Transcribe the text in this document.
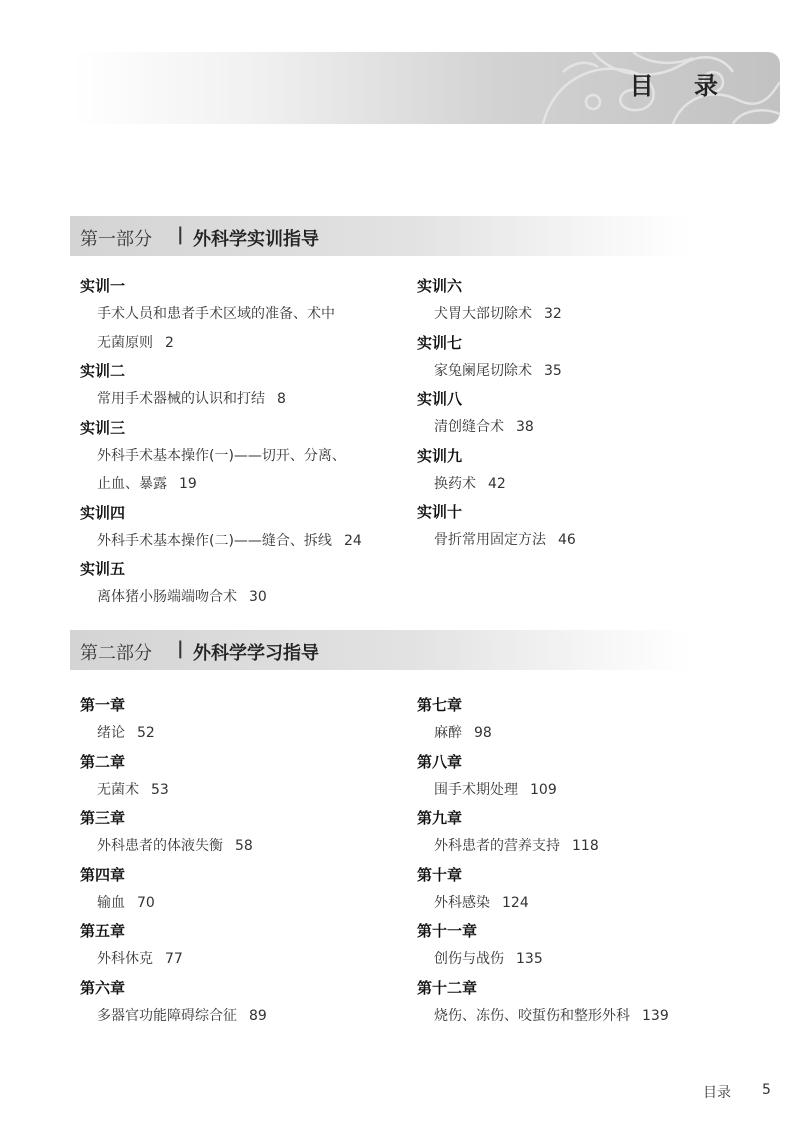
目 录
第一部分 | 外科学实训指导
实训一
手术人员和患者手术区域的准备、术中
无菌原则 2
实训二
常用手术器械的认识和打结 8
实训三
外科手术基本操作(一)——切开、分离、
止血、暴露 19
实训四
外科手术基本操作(二)——缝合、拆线 24
实训五
离体猪小肠端端吻合术 30
实训六
犬胃大部切除术 32
实训七
家兔阑尾切除术 35
实训八
清创缝合术 38
实训九
换药术 42
实训十
骨折常用固定方法 46
第二部分 | 外科学学习指导
第一章
绪论 52
第二章
无菌术 53
第三章
外科患者的体液失衡 58
第四章
输血 70
第五章
外科休克 77
第六章
多器官功能障碍综合征 89
第七章
麻醉 98
第八章
围手术期处理 109
第九章
外科患者的营养支持 118
第十章
外科感染 124
第十一章
创伤与战伤 135
第十二章
烧伤、冻伤、咬蜇伤和整形外科 139
目录 5
